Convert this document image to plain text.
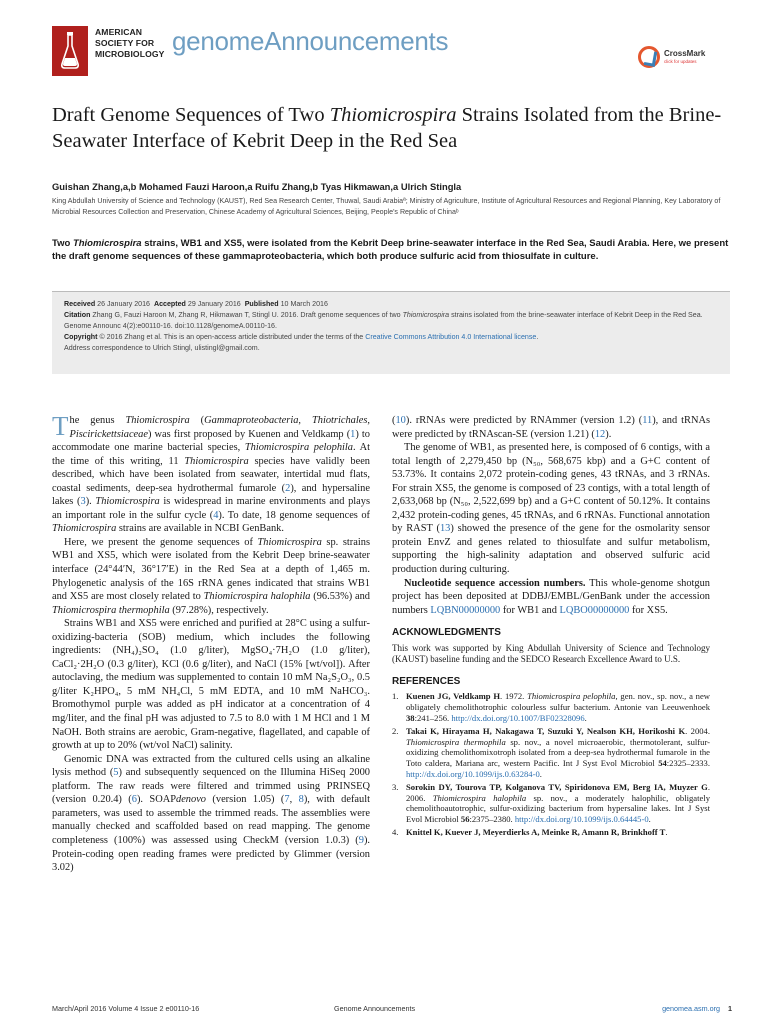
AMERICAN
SOCIETY FOR
MICROBIOLOGY genomeAnnouncements	CrossMark
click for updates
Draft Genome Sequences of Two Thiomicrospira Strains Isolated from the Brine-Seawater Interface of Kebrit Deep in the Red Sea
Guishan Zhang,a,b Mohamed Fauzi Haroon,a Ruifu Zhang,b Tyas Hikmawan,a Ulrich Stingla
King Abdullah University of Science and Technology (KAUST), Red Sea Research Center, Thuwal, Saudi Arabiaª; Ministry of Agriculture, Institute of Agricultural Resources and Regional Planning, Key Laboratory of Microbial Resources Collection and Preservation, Chinese Academy of Agricultural Sciences, Beijing, People's Republic of Chinaᵇ
Two Thiomicrospira strains, WB1 and XS5, were isolated from the Kebrit Deep brine-seawater interface in the Red Sea, Saudi Arabia. Here, we present the draft genome sequences of these gammaproteobacteria, which both produce sulfuric acid from thiosulfate in culture.
Received 26 January 2016 Accepted 29 January 2016 Published 10 March 2016
Citation Zhang G, Fauzi Haroon M, Zhang R, Hikmawan T, Stingl U. 2016. Draft genome sequences of two Thiomicrospira strains isolated from the brine-seawater interface of Kebrit Deep in the Red Sea. Genome Announc 4(2):e00110-16. doi:10.1128/genomeA.00110-16.
Copyright © 2016 Zhang et al. This is an open-access article distributed under the terms of the Creative Commons Attribution 4.0 International license.
Address correspondence to Ulrich Stingl, ulistingl@gmail.com.

The genus Thiomicrospira (Gammaproteobacteria, Thiotrichales, Piscirickettsiaceae) was first proposed by Kuenen and Veldkamp (1) to accommodate one marine bacterial species, Thiomicrospira pelophila. At the time of this writing, 11 Thiomicrospira species have validly been described, which have been isolated from seawater, intertidal mud flats, coastal sediments, deep-sea hydrothermal fumarole (2), and hypersaline lakes (3). Thiomicrospira is widespread in marine environments and plays an important role in the sulfur cycle (4). To date, 18 genome sequences of Thiomicrospira strains are available in NCBI GenBank.

Here, we present the genome sequences of Thiomicrospira sp. strains WB1 and XS5, which were isolated from the Kebrit Deep brine-seawater interface (24°44′N, 36°17′E) in the Red Sea at a depth of 1,465 m. Phylogenetic analysis of the 16S rRNA genes indicated that strains WB1 and XS5 are most closely related to Thiomicrospira halophila (96.53%) and Thiomicrospira thermophila (97.28%), respectively.

Strains WB1 and XS5 were enriched and purified at 28°C using a sulfur-oxidizing-bacteria (SOB) medium, which includes the following ingredients: (NH₄)₂SO₄ (1.0 g/liter), MgSO₄·7H₂O (1.0 g/liter), CaCl₂·2H₂O (0.3 g/liter), KCl (0.6 g/liter), and NaCl (15% [wt/vol]). After autoclaving, the medium was supplemented to contain 10 mM Na₂S₂O₃, 0.5 g/liter K₂HPO₄, 5 mM NH₄Cl, 5 mM EDTA, and 10 mM NaHCO₃. Bromothymol purple was added as pH indicator at a concentration of 4 mg/liter, and the final pH was adjusted to 7.5 to 8.0 with 1 M HCl and 1 M NaOH. Both strains are aerobic, Gram-negative, flagellated, and capable of growth at up to 20% (wt/vol NaCl) salinity.

Genomic DNA was extracted from the cultured cells using an alkaline lysis method (5) and subsequently sequenced on the Illumina HiSeq 2000 platform. The raw reads were filtered and trimmed using PRINSEQ (version 0.20.4) (6). SOAPdenovo (version 1.05) (7, 8), with default parameters, was used to assemble the trimmed reads. The assemblies were manually checked and scaffolded based on read mapping. The genome completeness (100%) was assessed using CheckM (version 1.0.3) (9). Protein-coding open reading frames were predicted by Glimmer (version 3.02)

(10). rRNAs were predicted by RNAmmer (version 1.2) (11), and tRNAs were predicted by tRNAscan-SE (version 1.21) (12).

The genome of WB1, as presented here, is composed of 6 contigs, with a total length of 2,279,450 bp (N₅₀, 568,675 kbp) and a G+C content of 53.73%. It contains 2,072 protein-coding genes, 43 tRNAs, and 3 rRNAs. For strain XS5, the genome is composed of 23 contigs, with a total length of 2,633,068 bp (N₅₀, 2,522,699 bp) and a G+C content of 50.12%. It contains 2,432 protein-coding genes, 45 tRNAs, and 6 rRNAs. Functional annotation by RAST (13) showed the presence of the gene for the osmolarity sensor protein EnvZ and genes related to thiosulfate and sulfur metabolism, supporting the high-salinity adaptation and observed sulfuric acid production during culturing.

Nucleotide sequence accession numbers. This whole-genome shotgun project has been deposited at DDBJ/EMBL/GenBank under the accession numbers LQBN00000000 for WB1 and LQBO00000000 for XS5.

ACKNOWLEDGMENTS
This work was supported by King Abdullah University of Science and Technology (KAUST) baseline funding and the SEDCO Research Excellence Award to U.S.
REFERENCES
1. Kuenen JG, Veldkamp H. 1972. Thiomicrospira pelophila, gen. nov., sp. nov., a new obligately chemolithotrophic colourless sulfur bacterium. Antonie van Leeuwenhoek 38:241–256. http://dx.doi.org/10.1007/BF02328096.
2. Takai K, Hirayama H, Nakagawa T, Suzuki Y, Nealson KH, Horikoshi K. 2004. Thiomicrospira thermophila sp. nov., a novel microaerobic, thermotolerant, sulfur-oxidizing chemolithomixotroph isolated from a deep-sea hydrothermal fumarole in the Toto caldera, Mariana arc, western Pacific. Int J Syst Evol Microbiol 54:2325–2333. http://dx.doi.org/10.1099/ijs.0.63284-0.
3. Sorokin DY, Tourova TP, Kolganova TV, Spiridonova EM, Berg IA, Muyzer G. 2006. Thiomicrospira halophila sp. nov., a moderately halophilic, obligately chemolithoautotrophic, sulfur-oxidizing bacterium from hypersaline lakes. Int J Syst Evol Microbiol 56:2375–2380. http://dx.doi.org/10.1099/ijs.0.64445-0.
4. Knittel K, Kuever J, Meyerdierks A, Meinke R, Amann R, Brinkhoff T.
March/April 2016 Volume 4 Issue 2 e00110-16	Genome Announcements	genomea.asm.org 1
